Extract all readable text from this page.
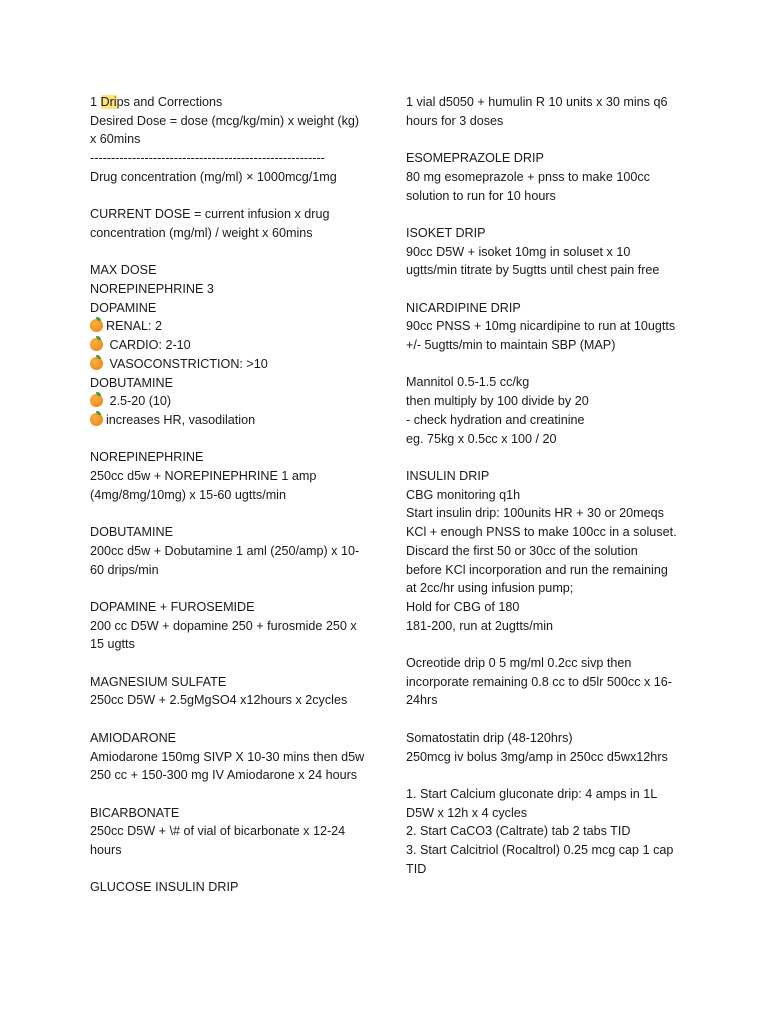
1 Drips and Corrections
Desired Dose = dose (mcg/kg/min) x weight (kg)
x 60mins
--------------------------------------------------------
Drug concentration (mg/ml) × 1000mcg/1mg
CURRENT DOSE = current infusion x drug
concentration (mg/ml) / weight x 60mins
MAX DOSE
NOREPINEPHRINE 3
DOPAMINE
RENAL: 2
CARDIO: 2-10
VASOCONSTRICTION: >10
DOBUTAMINE
2.5-20 (10)
increases HR, vasodilation
NOREPINEPHRINE
250cc d5w + NOREPINEPHRINE 1 amp
(4mg/8mg/10mg) x 15-60 ugtts/min
DOBUTAMINE
200cc d5w + Dobutamine 1 aml (250/amp) x 10-
60 drips/min
DOPAMINE + FUROSEMIDE
200 cc D5W + dopamine 250 + furosmide 250 x
15 ugtts
MAGNESIUM SULFATE
250cc D5W + 2.5gMgSO4 x12hours x 2cycles
AMIODARONE
Amiodarone 150mg SIVP X 10-30 mins then d5w
250 cc + 150-300 mg IV Amiodarone x 24 hours
BICARBONATE
250cc D5W + \# of vial of bicarbonate x 12-24
hours
GLUCOSE INSULIN DRIP
1 vial d5050 + humulin R 10 units x 30 mins q6
hours for 3 doses
ESOMEPRAZOLE DRIP
80 mg esomeprazole + pnss to make 100cc
solution to run for 10 hours
ISOKET DRIP
90cc D5W + isoket 10mg in soluset x 10
ugtts/min titrate by 5ugtts until chest pain free
NICARDIPINE DRIP
90cc PNSS + 10mg nicardipine to run at 10ugtts
+/- 5ugtts/min to maintain SBP (MAP)
Mannitol 0.5-1.5 cc/kg
then multiply by 100 divide by 20
- check hydration and creatinine
eg. 75kg x 0.5cc x 100 / 20
INSULIN DRIP
CBG monitoring q1h
Start insulin drip: 100units HR + 30 or 20meqs
KCl + enough PNSS to make 100cc in a soluset.
Discard the first 50 or 30cc of the solution
before KCl incorporation and run the remaining
at 2cc/hr using infusion pump;
Hold for CBG of 180
181-200, run at 2ugtts/min
Ocreotide drip 0 5 mg/ml 0.2cc sivp then
incorporate remaining 0.8 cc to d5lr 500cc x 16-
24hrs
Somatostatin drip (48-120hrs)
250mcg iv bolus 3mg/amp in 250cc d5wx12hrs
1. Start Calcium gluconate drip: 4 amps in 1L
D5W x 12h x 4 cycles
2. Start CaCO3 (Caltrate) tab 2 tabs TID
3. Start Calcitriol (Rocaltrol) 0.25 mcg cap 1 cap
TID
